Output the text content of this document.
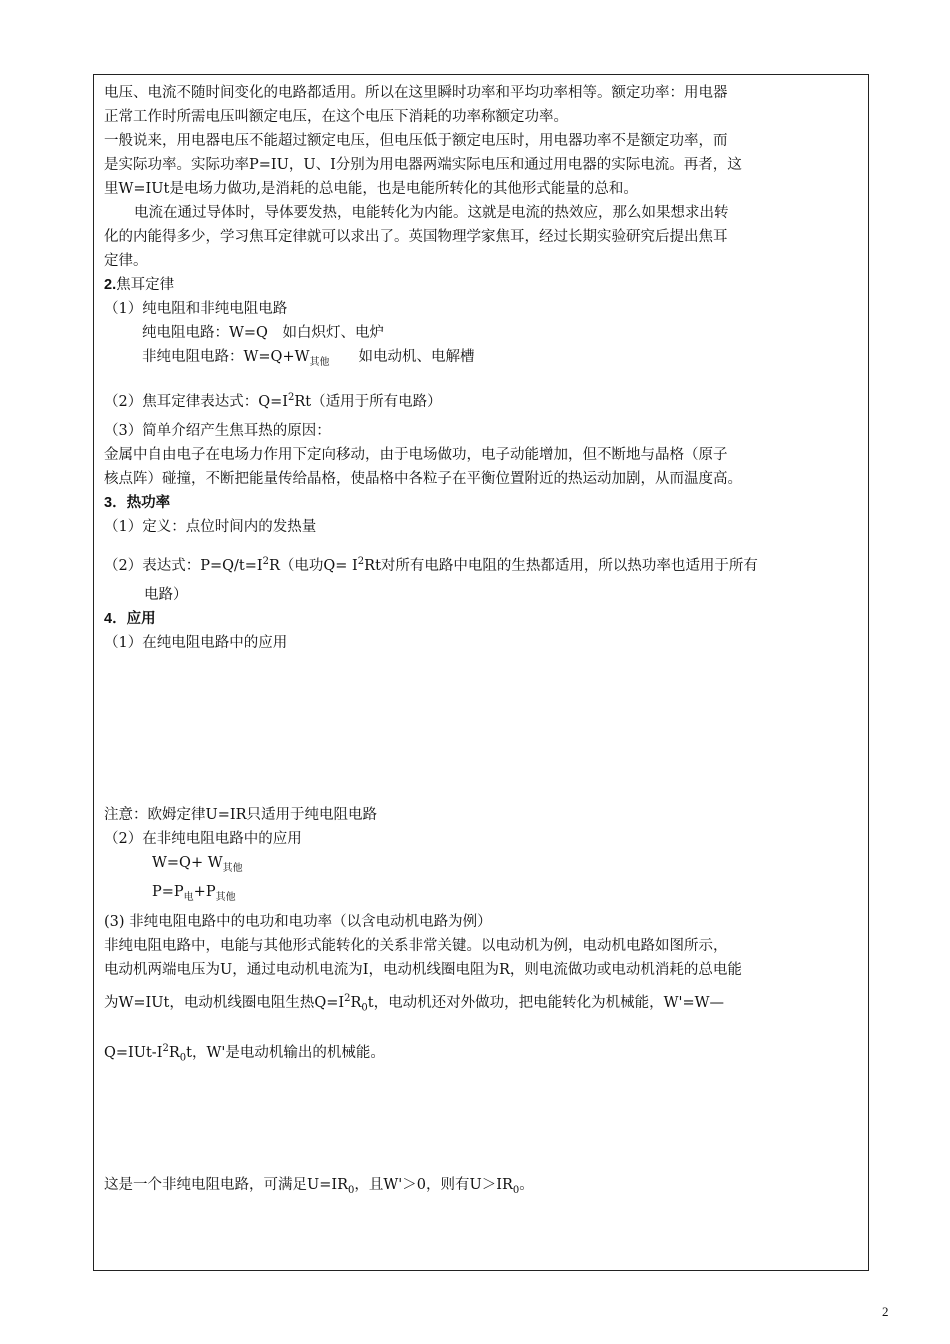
电压、电流不随时间变化的电路都适用。所以在这里瞬时功率和平均功率相等。额定功率：用电器

正常工作时所需电压叫额定电压，在这个电压下消耗的功率称额定功率。

一般说来，用电器电压不能超过额定电压，但电压低于额定电压时，用电器功率不是额定功率，而

是实际功率。实际功率P=IU，U、I分别为用电器两端实际电压和通过用电器的实际电流。再者，这

里W=IUt是电场力做功,是消耗的总电能，也是电能所转化的其他形式能量的总和。

电流在通过导体时，导体要发热，电能转化为内能。这就是电流的热效应，那么如果想求出转

化的内能得多少，学习焦耳定律就可以求出了。英国物理学家焦耳，经过长期实验研究后提出焦耳

定律。

2.焦耳定律

（1）纯电阻和非纯电阻电路

纯电阻电路：W=Q　如白炽灯、电炉

非纯电阻电路：$W=Q+W_{其他}$　　如电动机、电解槽

（2）焦耳定律表达式：$Q=I^2Rt$（适用于所有电路）

（3）简单介绍产生焦耳热的原因：

金属中自由电子在电场力作用下定向移动，由于电场做功，电子动能增加，但不断地与晶格（原子

核点阵）碰撞，不断把能量传给晶格，使晶格中各粒子在平衡位置附近的热运动加剧，从而温度高。

3．热功率

（1）定义：点位时间内的发热量

（2）表达式：$P=Q/t=I^2R$（电功$Q= I^2Rt$对所有电路中电阻的生热都适用，所以热功率也适用于所有

电路）

4．应用

（1）在纯电阻电路中的应用

注意：欧姆定律U=IR只适用于纯电阻电路

（2）在非纯电阻电路中的应用

$W=Q+ W_{其他}$

$P=P_电+P_{其他}$

(3) 非纯电阻电路中的电功和电功率（以含电动机电路为例）

非纯电阻电路中，电能与其他形式能转化的关系非常关键。以电动机为例，电动机电路如图所示，

电动机两端电压为U，通过电动机电流为I，电动机线圈电阻为R，则电流做功或电动机消耗的总电能

为W=IUt，电动机线圈电阻生热$Q=I^2R_0t$，电动机还对外做功，把电能转化为机械能，W'=W—

$Q=IUt-I^2R_0t$，W'是电动机输出的机械能。

这是一个非纯电阻电路，可满足$U=IR_0$，且W'＞0，则有$U>IR_0$。

2
